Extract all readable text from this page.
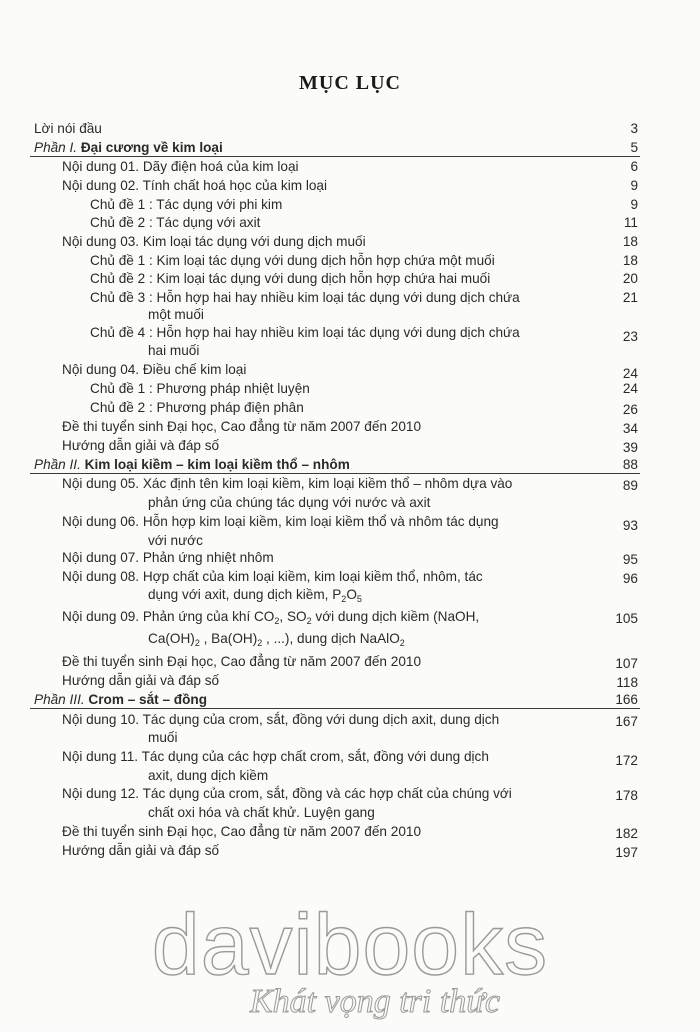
MỤC LỤC
Lời nói đầu	3
Phần I. Đại cương về kim loại	5
Nội dung 01. Dãy điện hoá của kim loại	6
Nội dung 02. Tính chất hoá học của kim loại	9
Chủ đề 1 : Tác dụng với phi kim	9
Chủ đề 2 : Tác dụng với axit	11
Nội dung 03. Kim loại tác dụng với dung dịch muối	18
Chủ đề 1 : Kim loại tác dụng với dung dịch hỗn hợp chứa một muối	18
Chủ đề 2 : Kim loại tác dụng với dung dịch hỗn hợp chứa hai muối	20
Chủ đề 3 : Hỗn hợp hai hay nhiều kim loại tác dụng với dung dịch chứa	21
một muối
Chủ đề 4 : Hỗn hợp hai hay nhiều kim loại tác dụng với dung dịch chứa	23
hai muối
Nội dung 04. Điều chế kim loại	24
Chủ đề 1 : Phương pháp nhiệt luyện	24
Chủ đề 2 : Phương pháp điện phân	26
Đề thi tuyển sinh Đại học, Cao đẳng từ năm 2007 đến 2010	34
Hướng dẫn giải và đáp số	39
Phần II. Kim loại kiềm – kim loại kiềm thổ – nhôm	88
Nội dung 05. Xác định tên kim loại kiềm, kim loại kiềm thổ – nhôm dựa vào	89
phản ứng của chúng tác dụng với nước và axit
Nội dung 06. Hỗn hợp kim loại kiềm, kim loại kiềm thổ và nhôm tác dụng	93
với nước
Nội dung 07. Phản ứng nhiệt nhôm	95
Nội dung 08. Hợp chất của kim loại kiềm, kim loại kiềm thổ, nhôm, tác	96
dụng với axit, dung dịch kiềm, $P_2O_5$
Nội dung 09. Phản ứng của khí $CO_2$, $SO_2$ với dung dịch kiềm (NaOH,	105
$Ca(OH)_2$ , $Ba(OH)_2$ , ...), dung dịch NaAlO$_2$
Đề thi tuyển sinh Đại học, Cao đẳng từ năm 2007 đến 2010	107
Hướng dẫn giải và đáp số	118
Phần III. Crom – sắt – đồng	166
Nội dung 10. Tác dụng của crom, sắt, đồng với dung dịch axit, dung dịch	167
muối
Nội dung 11. Tác dụng của các hợp chất crom, sắt, đồng với dung dịch	172
axit, dung dịch kiềm
Nội dung 12. Tác dụng của crom, sắt, đồng và các hợp chất của chúng với	178
chất oxi hóa và chất khử. Luyện gang
Đề thi tuyển sinh Đại học, Cao đẳng từ năm 2007 đến 2010	182
Hướng dẫn giải và đáp số	197
davibooks
Khát vọng tri thức
